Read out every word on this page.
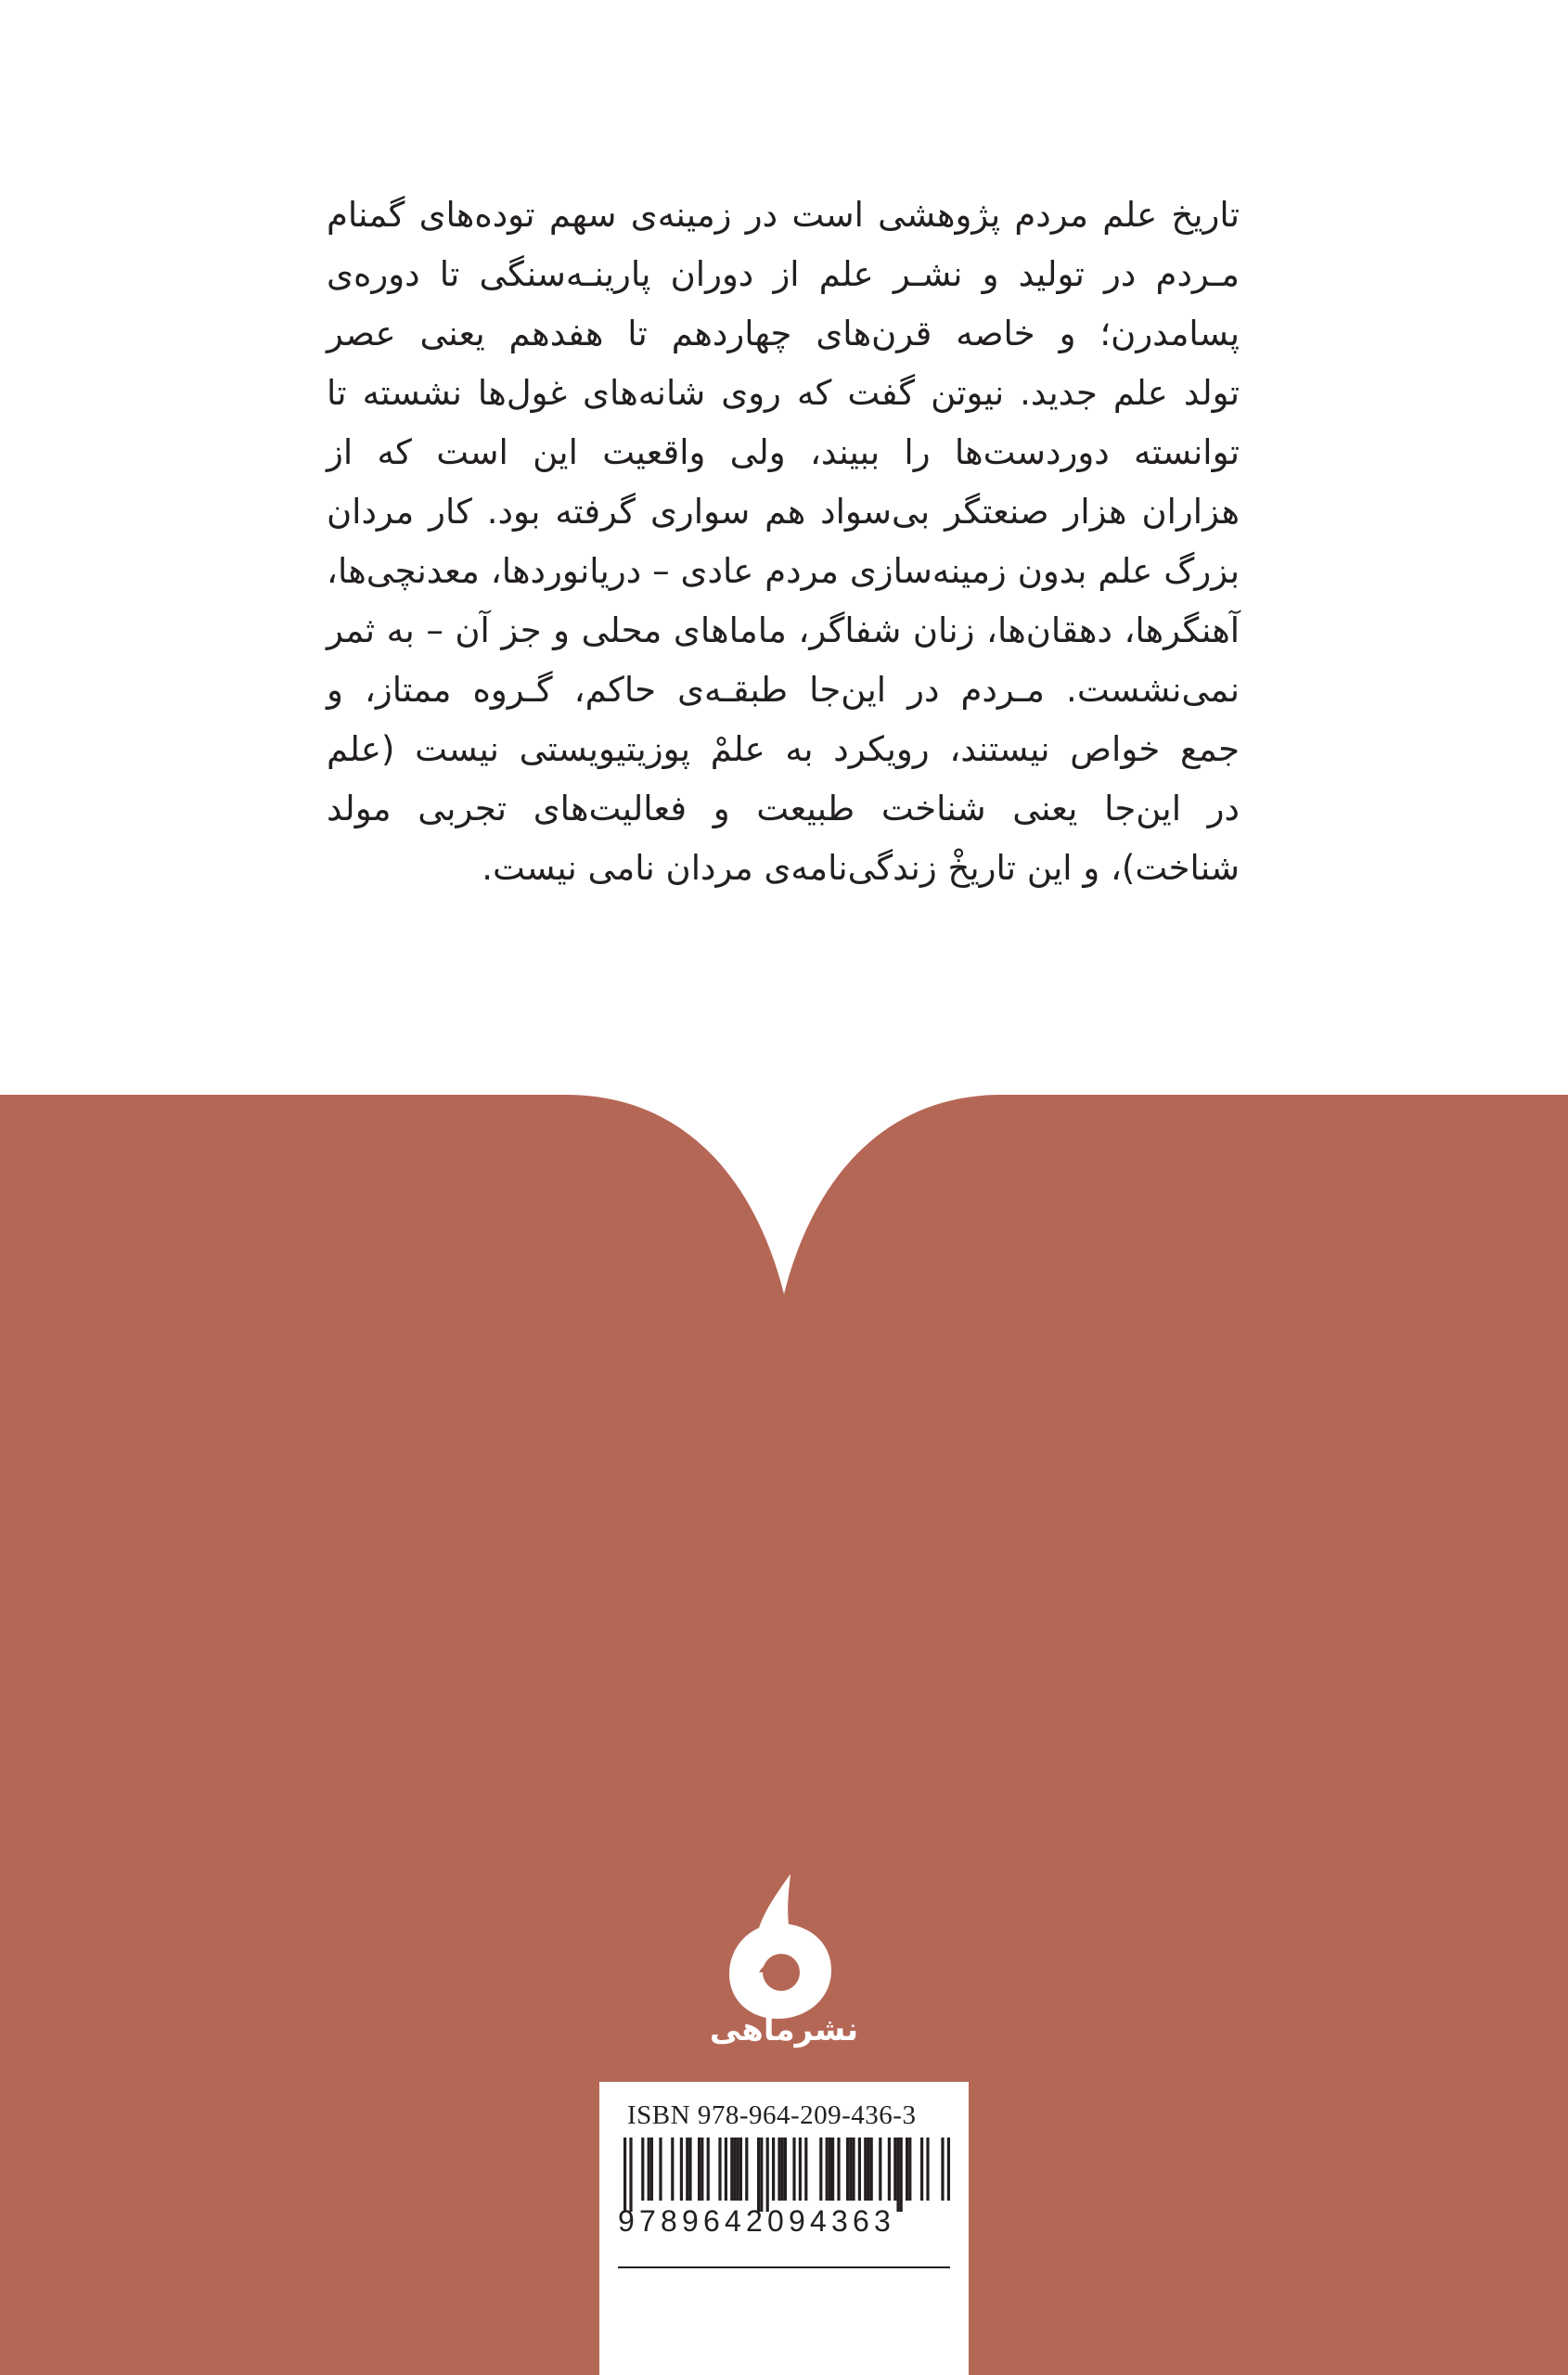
تاریخ علم مردم پژوهشی است در زمینه‌ی سهم توده‌های گمنام
مـردم در تولید و نشـر علم از دوران پارینـه‌سنگی تا دوره‌ی
پسامدرن؛ و خاصه قرن‌های چهاردهم تا هفدهم یعنی عصر
تولد علم جدید. نیوتن گفت که روی شانه‌های غول‌ها نشسته تا
توانسته دوردست‌ها را ببیند، ولی واقعیت این است که از
هزاران هزار صنعتگر بی‌سواد هم سواری گرفته بود. کار مردان
بزرگ علم بدون زمینه‌سازی مردم عادی – دریانوردها، معدنچی‌ها،
آهنگرها، دهقان‌ها، زنان شفاگر، ماماهای محلی و جز آن – به ثمر
نمی‌نشست. مـردم در این‌جا طبقـه‌ی حاکم، گـروه ممتاز، و
جمع خواص نیستند، رویکرد به علمْ پوزیتیویستی نیست (علم
در این‌جا یعنی شناخت طبیعت و فعالیت‌های تجربی مولد
شناخت)، و این تاریخْ زندگی‌نامه‌ی مردان نامی نیست.
نشرماهی
ISBN 978-964-209-436-3
9789642094363
